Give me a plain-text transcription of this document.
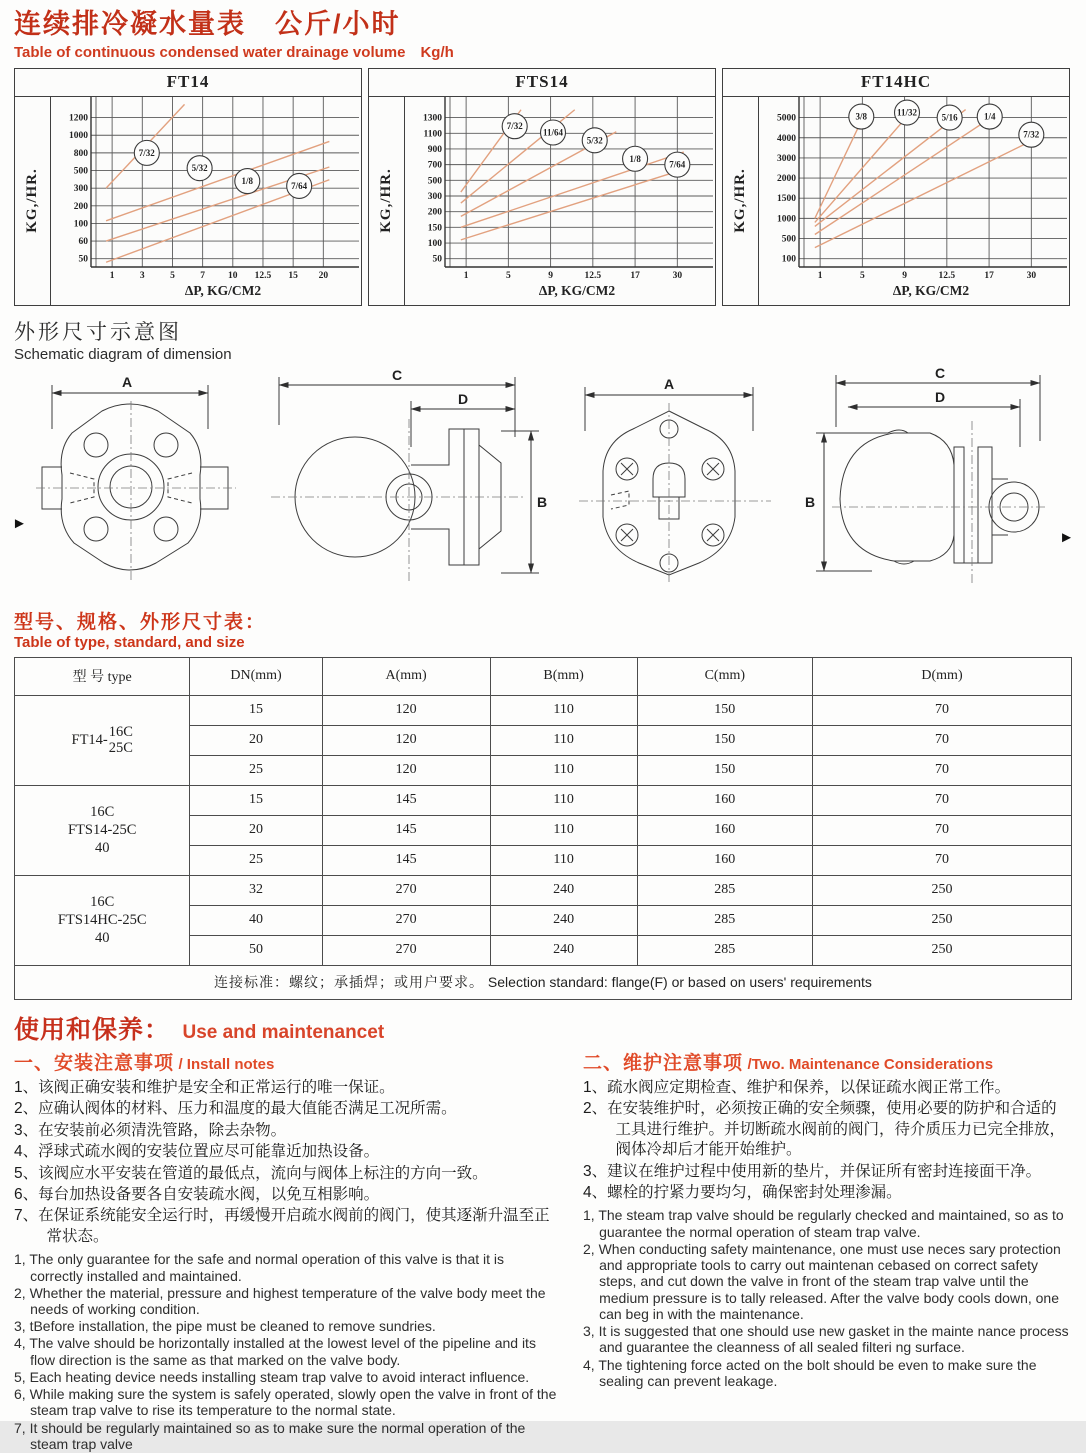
连续排冷凝水量表　公斤/小时
Table of continuous condensed water drainage volume　Kg/h
FT14
KG,/HR.
50
60
100
200
300
500
800
1000
1200
1	3	5	7 10 12.5 15 20
7/32
5/32
1/8	7/64
ΔP, KG/CM2
FTS14
KG,/HR.
50
100
150
200
300
500
700
900
1100
1300
1	5	9	12.5	17	30
7/32
11/64
5/32
1/8
7/64
ΔP, KG/CM2
FT14HC
KG,/HR.
100
500
1000
1500
2000
3000
4000
5000
1	5	9	12.5	17	30
3/8	11/32
5/16	1/4
7/32
ΔP, KG/CM2
外形尺寸示意图
Schematic diagram of dimension
►
►
A	C
D
B
A
C
D
B
型号、规格、外形尺寸表：
Table of type, standard, and size
型 号 type	DN(mm)	A(mm)	B(mm)	C(mm)	D(mm)

FT14-
16C
25C	15	120	110	150	70
	20	120	110	150	70
	25	120	110	150	70

16C
FTS14-25C
40	15	145	110	160	70
	20	145	110	160	70
	25	145	110	160	70

16C
FTS14HC-25C
40	32	270	240	285	250
	40	270	240	285	250
	50	270	240	285	250
连接标准：螺纹；承插焊；或用户要求。 Selection standard: flange(F) or based on users' requirements					
使用和保养： Use and maintenancet
一、安装注意事项 / Install notes
1、该阀正确安装和维护是安全和正常运行的唯一保证。
2、应确认阀体的材料、压力和温度的最大值能否满足工况所需。
3、在安装前必须清洗管路，除去杂物。
4、浮球式疏水阀的安装位置应尽可能靠近加热设备。
5、该阀应水平安装在管道的最低点，流向与阀体上标注的方向一致。
6、每台加热设备要各自安装疏水阀，以免互相影响。
7、在保证系统能安全运行时，再缓慢开启疏水阀前的阀门，使其逐渐升温至正常状态。
1, The only guarantee for the safe and normal operation of this valve is that it is correctly installed and maintained.
2, Whether the material, pressure and highest temperature of the valve body meet the needs of working condition.
3, tBefore installation, the pipe must be cleaned to remove sundries.
4, The valve should be horizontally installed at the lowest level of the pipeline and its flow direction is the same as that marked on the valve body.
5, Each heating device needs installing steam trap valve to avoid interact influence.
6, While making sure the system is safely operated, slowly open the valve in front of the steam trap valve to rise its temperature to the normal state.
7, It should be regularly maintained so as to make sure the normal operation of the steam trap valve
二、维护注意事项 /Two. Maintenance Considerations
1、疏水阀应定期检查、维护和保养，以保证疏水阀正常工作。
2、在安装维护时，必须按正确的安全频骤，使用必要的防护和合适的工具进行维护。并切断疏水阀前的阀门，待介质压力已完全排放，阀体冷却后才能开始维护。
3、建议在维护过程中使用新的垫片，并保证所有密封连接面干净。
4、螺栓的拧紧力要均匀，确保密封处理渗漏。
1, The steam trap valve should be regularly checked and maintained, so as to guarantee the normal operation of steam trap valve.
2, When conducting safety maintenance, one must use neces sary protection and appropriate tools to carry out maintenan cebased on correct safety steps, and cut down the valve in front of the steam trap valve until the medium pressure is to tally released. After the valve body cools down, one can beg in with the maintenance.
3, It is suggested that one should use new gasket in the mainte nance process and guarantee the cleanness of all sealed filteri ng surface.
4, The tightening force acted on the bolt should be even to make sure the sealing can prevent leakage.
